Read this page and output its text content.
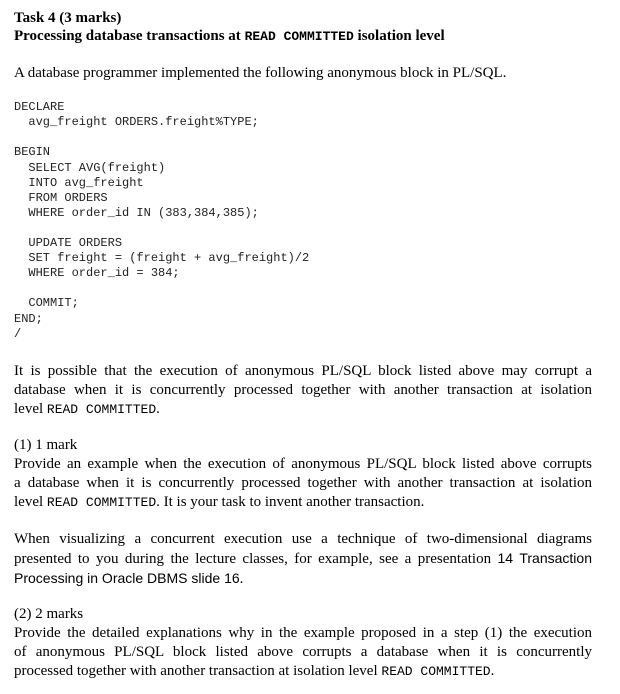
Task 4 (3 marks)
Processing database transactions at READ COMMITTED isolation level
A database programmer implemented the following anonymous block in PL/SQL.
DECLARE
avg_freight ORDERS.freight%TYPE;
BEGIN
SELECT AVG(freight)
INTO avg_freight
FROM ORDERS
WHERE order_id IN (383,384,385);
UPDATE ORDERS
SET freight = (freight + avg_freight)/2
WHERE order_id = 384;
COMMIT;
END;
/
It is possible that the execution of anonymous PL/SQL block listed above may corrupt a
database when it is concurrently processed together with another transaction at isolation
level READ COMMITTED.
(1) 1 mark
Provide an example when the execution of anonymous PL/SQL block listed above corrupts
a database when it is concurrently processed together with another transaction at isolation
level READ COMMITTED. It is your task to invent another transaction.
When visualizing a concurrent execution use a technique of two-dimensional diagrams
presented to you during the lecture classes, for example, see a presentation 14 Transaction
Processing in Oracle DBMS slide 16.
(2) 2 marks
Provide the detailed explanations why in the example proposed in a step (1) the execution
of anonymous PL/SQL block listed above corrupts a database when it is concurrently
processed together with another transaction at isolation level READ COMMITTED.
